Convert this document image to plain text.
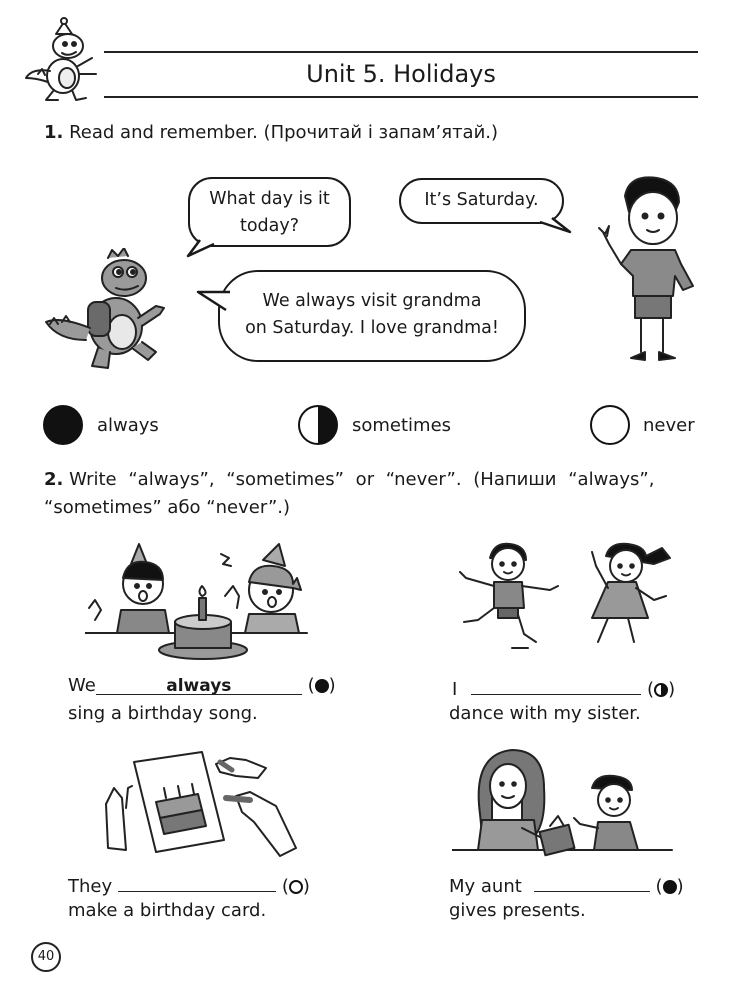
Unit 5. Holidays
1. Read and remember. (Прочитай і запам’ятай.)
What day is it
today?
It’s Saturday.
We always visit grandma
on Saturday. I love grandma!
always	sometimes	never
2. Write “always”, “sometimes” or “never”. (Напиши “always”,
“sometimes” або “never”.)
We	always	( )
sing a birthday song.
I	( )
dance with my sister.
They	( )
make a birthday card.
My aunt	( )
gives presents.
40
